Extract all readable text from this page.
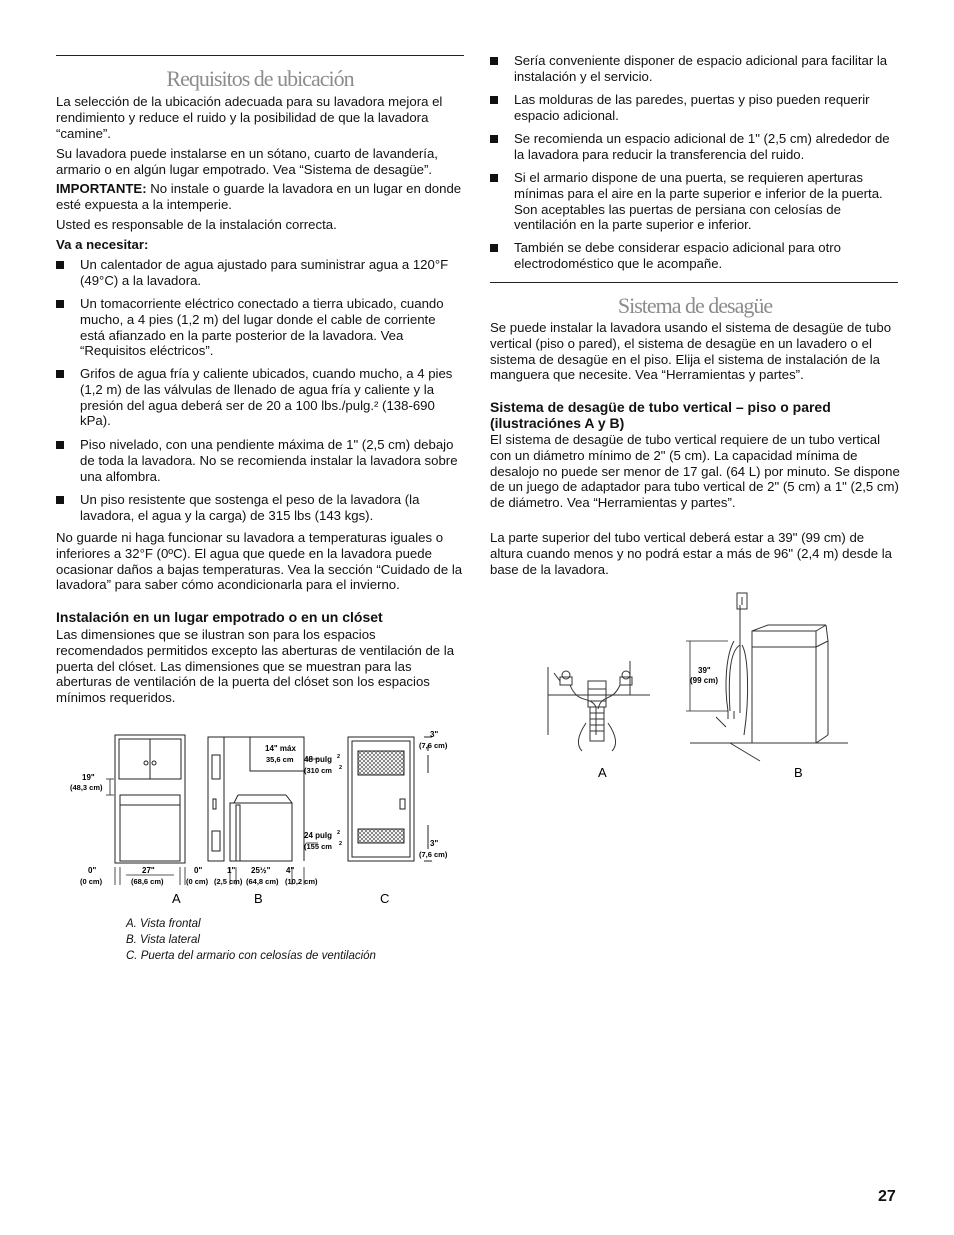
Requisitos de ubicación

La selección de la ubicación adecuada para su lavadora mejora el rendimiento y reduce el ruido y la posibilidad de que la lavadora “camine”.

Su lavadora puede instalarse en un sótano, cuarto de lavandería, armario o en algún lugar empotrado. Vea “Sistema de desagüe”.

IMPORTANTE: No instale o guarde la lavadora en un lugar en donde esté expuesta a la intemperie.

Usted es responsable de la instalación correcta.

Va a necesitar:

Un calentador de agua ajustado para suministrar agua a 120°F (49°C) a la lavadora.

Un tomacorriente eléctrico conectado a tierra ubicado, cuando mucho, a 4 pies (1,2 m) del lugar donde el cable de corriente está afianzado en la parte posterior de la lavadora. Vea “Requisitos eléctricos”.

Grifos de agua fría y caliente ubicados, cuando mucho, a 4 pies (1,2 m) de las válvulas de llenado de agua fría y caliente y la presión del agua deberá ser de 20 a 100 lbs./pulg.² (138-690 kPa).

Piso nivelado, con una pendiente máxima de 1" (2,5 cm) debajo de toda la lavadora. No se recomienda instalar la lavadora sobre una alfombra.

Un piso resistente que sostenga el peso de la lavadora (la lavadora, el agua y la carga) de 315 lbs (143 kgs).

No guarde ni haga funcionar su lavadora a temperaturas iguales o inferiores a 32°F (0ºC). El agua que quede en la lavadora puede ocasionar daños a bajas temperaturas. Vea la sección “Cuidado de la lavadora” para saber cómo acondicionarla para el invierno.

Instalación en un lugar empotrado o en un clóset

Las dimensiones que se ilustran son para los espacios recomendados permitidos excepto las aberturas de ventilación de la puerta del clóset. Las dimensiones que se muestran para las aberturas de ventilación de la puerta del clóset son los espacios mínimos requeridos.

19"
(48,3 cm)
0"
(0 cm)
27"
(68,6 cm)
A
0"
(0 cm)
1"
(2,5 cm)
25½"
(64,8 cm)
4"
(10,2 cm)
14" máx
35,6 cm 48 pulg 2
(310 cm 2
24 pulg 2
(155 cm 2
B
3"
(7,6 cm)
3"
(7,6 cm)
C
A. Vista frontal
B. Vista lateral
C. Puerta del armario con celosías de ventilación

Sería conveniente disponer de espacio adicional para facilitar la instalación y el servicio.

Las molduras de las paredes, puertas y piso pueden requerir espacio adicional.

Se recomienda un espacio adicional de 1" (2,5 cm) alrededor de la lavadora para reducir la transferencia del ruido.

Si el armario dispone de una puerta, se requieren aperturas mínimas para el aire en la parte superior e inferior de la puerta. Son aceptables las puertas de persiana con celosías de ventilación en la parte superior e inferior.

También se debe considerar espacio adicional para otro electrodoméstico que le acompañe.

Sistema de desagüe

Se puede instalar la lavadora usando el sistema de desagüe de tubo vertical (piso o pared), el sistema de desagüe en un lavadero o el sistema de desagüe en el piso. Elija el sistema de instalación de la manguera que necesite. Vea “Herramientas y partes”.

Sistema de desagüe de tubo vertical – piso o pared (ilustraciónes A y B)

El sistema de desagüe de tubo vertical requiere de un tubo vertical con un diámetro mínimo de 2" (5 cm). La capacidad mínima de desalojo no puede ser menor de 17 gal. (64 L) por minuto. Se dispone de un juego de adaptador para tubo vertical de 2" (5 cm) a 1" (2,5 cm) de diámetro. Vea “Herramientas y partes”.

La parte superior del tubo vertical deberá estar a 39" (99 cm) de altura cuando menos y no podrá estar a más de 96" (2,4 m) desde la base de la lavadora.

A
39"
(99 cm)
B
27
